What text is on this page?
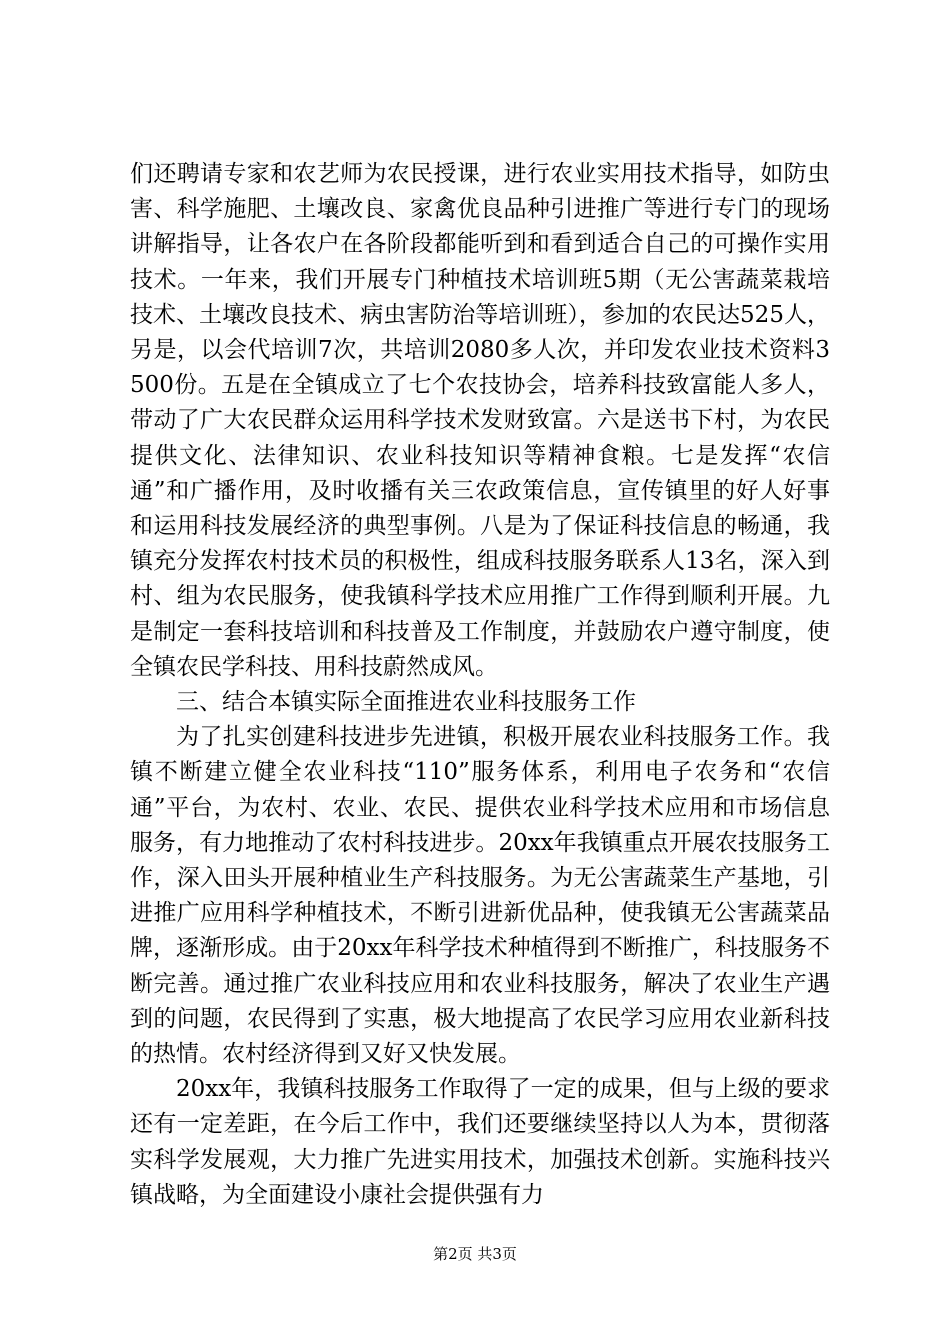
们还聘请专家和农艺师为农民授课，进行农业实用技术指导，如防虫害、科学施肥、土壤改良、家禽优良品种引进推广等进行专门的现场讲解指导，让各农户在各阶段都能听到和看到适合自己的可操作实用技术。一年来，我们开展专门种植技术培训班5期（无公害蔬菜栽培技术、土壤改良技术、病虫害防治等培训班），参加的农民达525人，另是，以会代培训7次，共培训2080多人次，并印发农业技术资料3500份。五是在全镇成立了七个农技协会，培养科技致富能人多人，带动了广大农民群众运用科学技术发财致富。六是送书下村，为农民提供文化、法律知识、农业科技知识等精神食粮。七是发挥“农信通”和广播作用，及时收播有关三农政策信息，宣传镇里的好人好事和运用科技发展经济的典型事例。八是为了保证科技信息的畅通，我镇充分发挥农村技术员的积极性，组成科技服务联系人13名，深入到村、组为农民服务，使我镇科学技术应用推广工作得到顺利开展。九是制定一套科技培训和科技普及工作制度，并鼓励农户遵守制度，使全镇农民学科技、用科技蔚然成风。

三、结合本镇实际全面推进农业科技服务工作

为了扎实创建科技进步先进镇，积极开展农业科技服务工作。我镇不断建立健全农业科技“110”服务体系，利用电子农务和“农信通”平台，为农村、农业、农民、提供农业科学技术应用和市场信息服务，有力地推动了农村科技进步。20xx年我镇重点开展农技服务工作，深入田头开展种植业生产科技服务。为无公害蔬菜生产基地，引进推广应用科学种植技术，不断引进新优品种，使我镇无公害蔬菜品牌，逐渐形成。由于20xx年科学技术种植得到不断推广，科技服务不断完善。通过推广农业科技应用和农业科技服务，解决了农业生产遇到的问题，农民得到了实惠，极大地提高了农民学习应用农业新科技的热情。农村经济得到又好又快发展。

20xx年，我镇科技服务工作取得了一定的成果，但与上级的要求还有一定差距，在今后工作中，我们还要继续坚持以人为本，贯彻落实科学发展观，大力推广先进实用技术，加强技术创新。实施科技兴镇战略，为全面建设小康社会提供强有力

第2页 共3页
